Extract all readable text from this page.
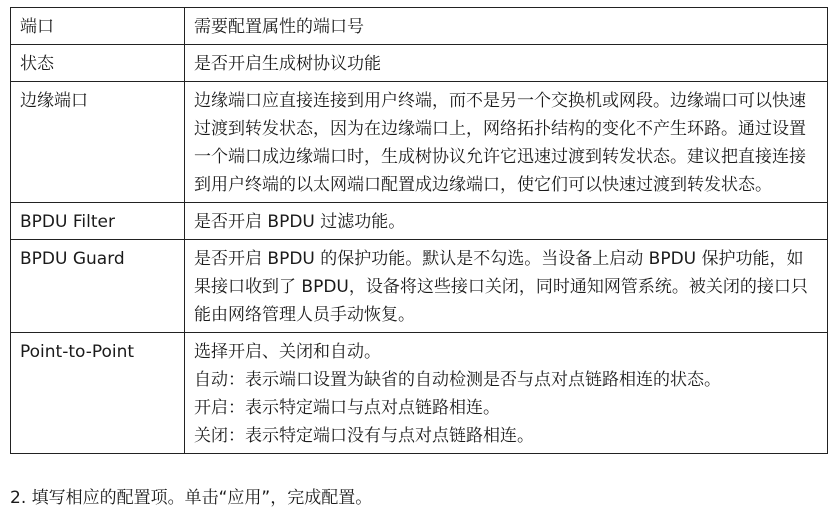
端口	需要配置属性的端口号

状态	是否开启生成树协议功能

边缘端口	边缘端口应直接连接到用户终端，而不是另一个交换机或网段。边缘端口可以快速过渡到转发状态，因为在边缘端口上，网络拓扑结构的变化不产生环路。通过设置一个端口成边缘端口时，生成树协议允许它迅速过渡到转发状态。建议把直接连接到用户终端的以太网端口配置成边缘端口，使它们可以快速过渡到转发状态。

BPDU Filter	是否开启 BPDU 过滤功能。

BPDU Guard	是否开启 BPDU 的保护功能。默认是不勾选。当设备上启动 BPDU 保护功能，如果接口收到了 BPDU，设备将这些接口关闭，同时通知网管系统。被关闭的接口只能由网络管理人员手动恢复。

Point-to-Point	选择开启、关闭和自动。
自动：表示端口设置为缺省的自动检测是否与点对点链路相连的状态。
开启：表示特定端口与点对点链路相连。
关闭：表示特定端口没有与点对点链路相连。
2. 填写相应的配置项。单击“应用”，完成配置。
